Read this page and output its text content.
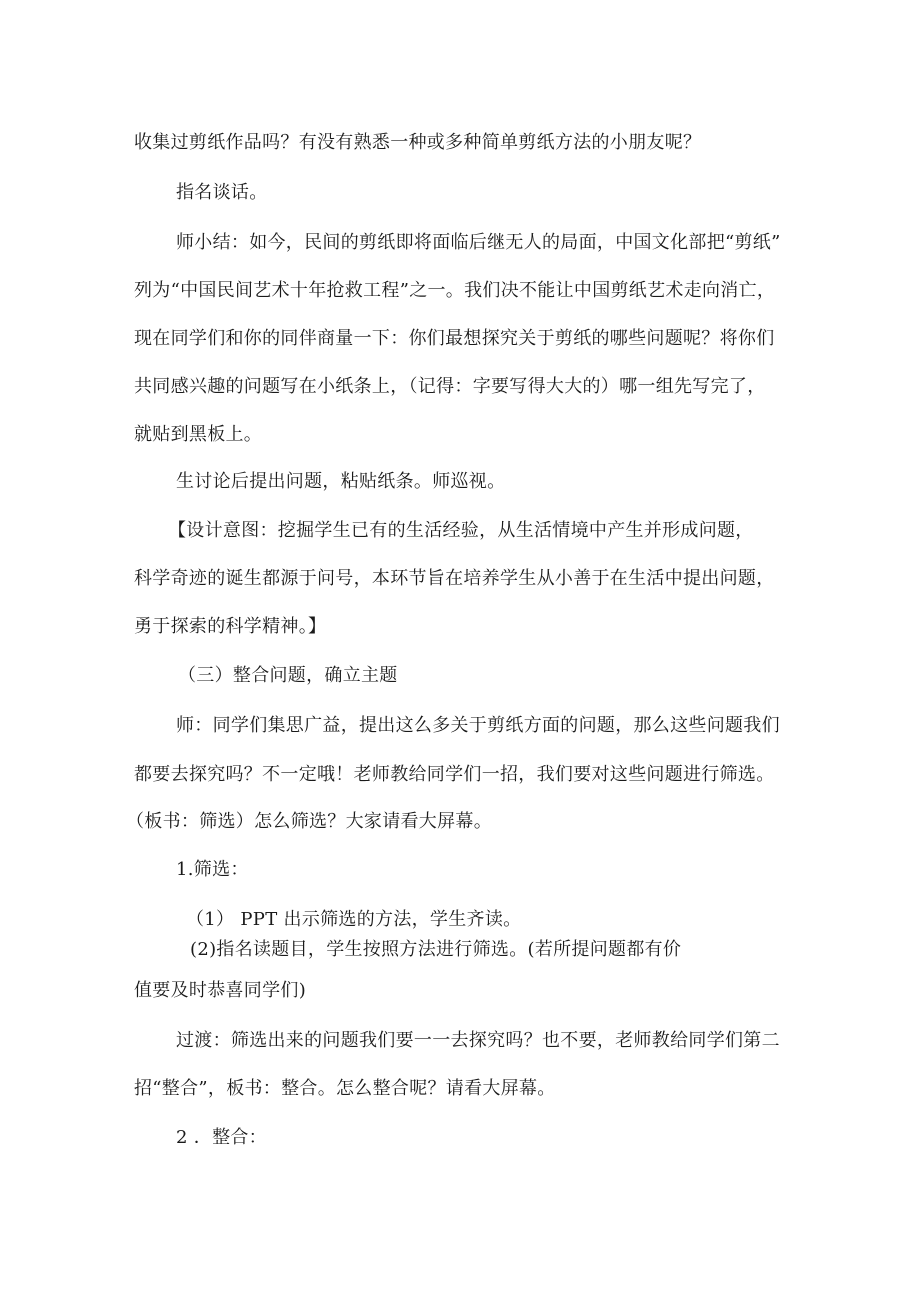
收集过剪纸作品吗？有没有熟悉一种或多种简单剪纸方法的小朋友呢？
指名谈话。
师小结：如今，民间的剪纸即将面临后继无人的局面，中国文化部把“剪纸”
列为“中国民间艺术十年抢救工程”之一。我们决不能让中国剪纸艺术走向消亡，
现在同学们和你的同伴商量一下：你们最想探究关于剪纸的哪些问题呢？将你们
共同感兴趣的问题写在小纸条上，（记得：字要写得大大的）哪一组先写完了，
就贴到黑板上。
生讨论后提出问题，粘贴纸条。师巡视。
【设计意图：挖掘学生已有的生活经验，从生活情境中产生并形成问题，
科学奇迹的诞生都源于问号，本环节旨在培养学生从小善于在生活中提出问题，
勇于探索的科学精神。】
（三）整合问题，确立主题
师：同学们集思广益，提出这么多关于剪纸方面的问题，那么这些问题我们
都要去探究吗？不一定哦！老师教给同学们一招，我们要对这些问题进行筛选。
（板书：筛选）怎么筛选？大家请看大屏幕。
1.筛选：
（1） PPT 出示筛选的方法，学生齐读。
(2)指名读题目，学生按照方法进行筛选。(若所提问题都有价
值要及时恭喜同学们)
过渡：筛选出来的问题我们要一一去探究吗？也不要，老师教给同学们第二
招“整合”，板书：整合。怎么整合呢？请看大屏幕。
2 ．整合：
